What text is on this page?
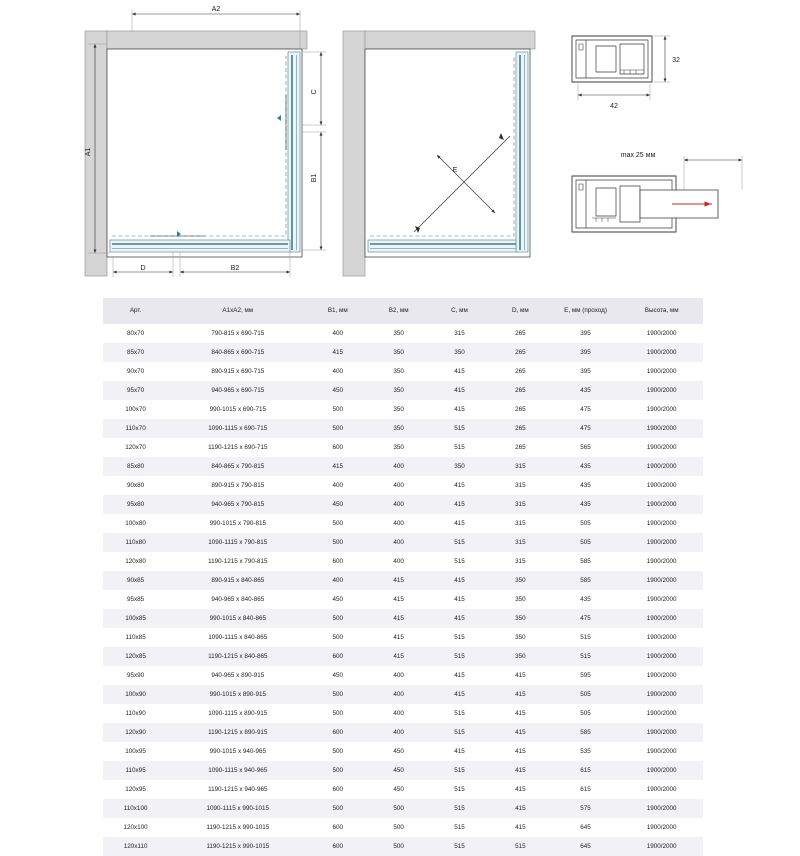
A2
A1
C
B1
D	B2
E
32
42
max 25 мм
Арт.	А1хА2, мм	В1, мм	В2, мм	С, мм	D, мм	E, мм (проход)	Высота, мм
80х70	790-815 х 690-715	400	350	315	265	395	1900/2000
85х70	840-865 х 690-715	415	350	350	265	395	1900/2000
90х70	890-915 х 690-715	400	350	415	265	395	1900/2000
95х70	940-965 х 690-715	450	350	415	265	435	1900/2000
100х70	990-1015 х 690-715	500	350	415	265	475	1900/2000
110х70	1090-1115 х 690-715	500	350	515	265	475	1900/2000
120х70	1190-1215 х 690-715	600	350	515	265	565	1900/2000
85х80	840-865 х 790-815	415	400	350	315	435	1900/2000
90х80	890-915 х 790-815	400	400	415	315	435	1900/2000
95х80	940-965 х 790-815	450	400	415	315	435	1900/2000
100х80	990-1015 х 790-815	500	400	415	315	505	1900/2000
110х80	1090-1115 х 790-815	500	400	515	315	505	1900/2000
120х80	1190-1215 х 790-815	600	400	515	315	585	1900/2000
90х85	890-915 х 840-865	400	415	415	350	585	1900/2000
95х85	940-965 х 840-865	450	415	415	350	435	1900/2000
100х85	990-1015 х 840-865	500	415	415	350	475	1900/2000
110х85	1090-1115 х 840-865	500	415	515	350	515	1900/2000
120х85	1190-1215 х 840-865	600	415	515	350	515	1900/2000
95х90	940-965 х 890-915	450	400	415	415	595	1900/2000
100х90	990-1015 х 890-915	500	400	415	415	505	1900/2000
110х90	1090-1115 х 890-915	500	400	515	415	505	1900/2000
120х90	1190-1215 х 890-915	600	400	515	415	585	1900/2000
100х95	990-1015 х 940-965	500	450	415	415	535	1900/2000
110х95	1090-1115 х 940-965	500	450	515	415	615	1900/2000
120х95	1190-1215 х 940-965	600	450	515	415	615	1900/2000
110х100	1090-1115 х 990-1015	500	500	515	415	575	1900/2000
120х100	1190-1215 х 990-1015	600	500	515	415	645	1900/2000
120х110	1190-1215 х 990-1015	600	500	515	515	645	1900/2000
